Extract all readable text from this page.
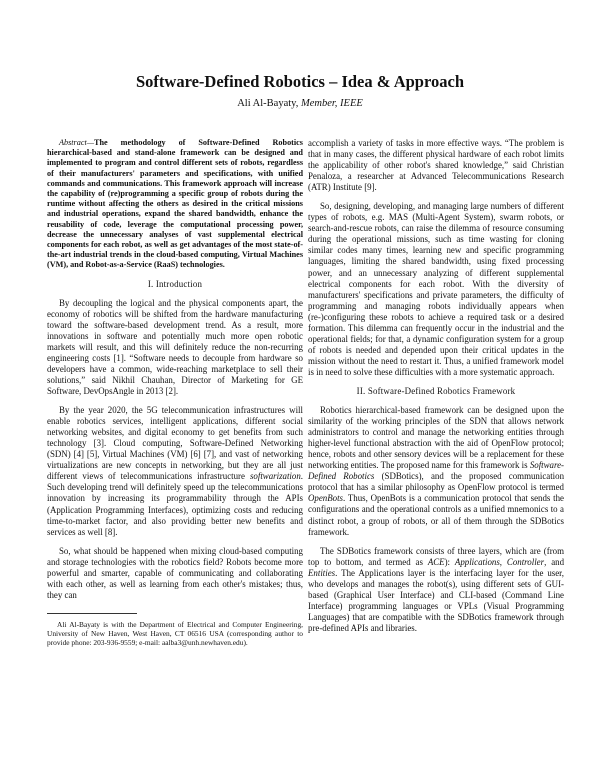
Software-Defined Robotics – Idea & Approach
Ali Al-Bayaty, Member, IEEE

Abstract—The methodology of Software-Defined Robotics hierarchical-based and stand-alone framework can be designed and implemented to program and control different sets of robots, regardless of their manufacturers' parameters and specifications, with unified commands and communications. This framework approach will increase the capability of (re)programming a specific group of robots during the runtime without affecting the others as desired in the critical missions and industrial operations, expand the shared bandwidth, enhance the reusability of code, leverage the computational processing power, decrease the unnecessary analyses of vast supplemental electrical components for each robot, as well as get advantages of the most state-of-the-art industrial trends in the cloud-based computing, Virtual Machines (VM), and Robot-as-a-Service (RaaS) technologies.

I. Introduction

By decoupling the logical and the physical components apart, the economy of robotics will be shifted from the hardware manufacturing toward the software-based development trend. As a result, more innovations in software and potentially much more open robotic markets will result, and this will definitely reduce the non-recurring engineering costs [1]. “Software needs to decouple from hardware so developers have a common, wide-reaching marketplace to sell their solutions,” said Nikhil Chauhan, Director of Marketing for GE Software, DevOpsAngle in 2013 [2].

By the year 2020, the 5G telecommunication infrastructures will enable robotics services, intelligent applications, different social networking websites, and digital economy to get benefits from such technology [3]. Cloud computing, Software-Defined Networking (SDN) [4] [5], Virtual Machines (VM) [6] [7], and vast of networking virtualizations are new concepts in networking, but they are all just different views of telecommunications infrastructure softwarization. Such developing trend will definitely speed up the telecommunications innovation by increasing its programmability through the APIs (Application Programming Interfaces), optimizing costs and reducing time-to-market factor, and also providing better new benefits and services as well [8].

So, what should be happened when mixing cloud-based computing and storage technologies with the robotics field? Robots become more powerful and smarter, capable of communicating and collaborating with each other, as well as learning from each other's mistakes; thus, they can

Ali Al-Bayaty is with the Department of Electrical and Computer Engineering, University of New Haven, West Haven, CT 06516 USA (corresponding author to provide phone: 203-936-9559; e-mail: aalba3@unh.newhaven.edu).

accomplish a variety of tasks in more effective ways. “The problem is that in many cases, the different physical hardware of each robot limits the applicability of other robot's shared knowledge,” said Christian Penaloza, a researcher at Advanced Telecommunications Research (ATR) Institute [9].

So, designing, developing, and managing large numbers of different types of robots, e.g. MAS (Multi-Agent System), swarm robots, or search-and-rescue robots, can raise the dilemma of resource consuming during the operational missions, such as time wasting for cloning similar codes many times, learning new and specific programming languages, limiting the shared bandwidth, using fixed processing power, and an unnecessary analyzing of different supplemental electrical components for each robot. With the diversity of manufacturers' specifications and private parameters, the difficulty of programming and managing robots individually appears when (re-)configuring these robots to achieve a required task or a desired formation. This dilemma can frequently occur in the industrial and the operational fields; for that, a dynamic configuration system for a group of robots is needed and depended upon their critical updates in the mission without the need to restart it. Thus, a unified framework model is in need to solve these difficulties with a more systematic approach.

II. Software-Defined Robotics Framework

Robotics hierarchical-based framework can be designed upon the similarity of the working principles of the SDN that allows network administrators to control and manage the networking entities through higher-level functional abstraction with the aid of OpenFlow protocol; hence, robots and other sensory devices will be a replacement for these networking entities. The proposed name for this framework is Software-Defined Robotics (SDBotics), and the proposed communication protocol that has a similar philosophy as OpenFlow protocol is termed OpenBots. Thus, OpenBots is a communication protocol that sends the configurations and the operational controls as a unified mnemonics to a distinct robot, a group of robots, or all of them through the SDBotics framework.

The SDBotics framework consists of three layers, which are (from top to bottom, and termed as ACE): Applications, Controller, and Entities. The Applications layer is the interfacing layer for the user, who develops and manages the robot(s), using different sets of GUI-based (Graphical User Interface) and CLI-based (Command Line Interface) programming languages or VPLs (Visual Programming Languages) that are compatible with the SDBotics framework through pre-defined APIs and libraries.
